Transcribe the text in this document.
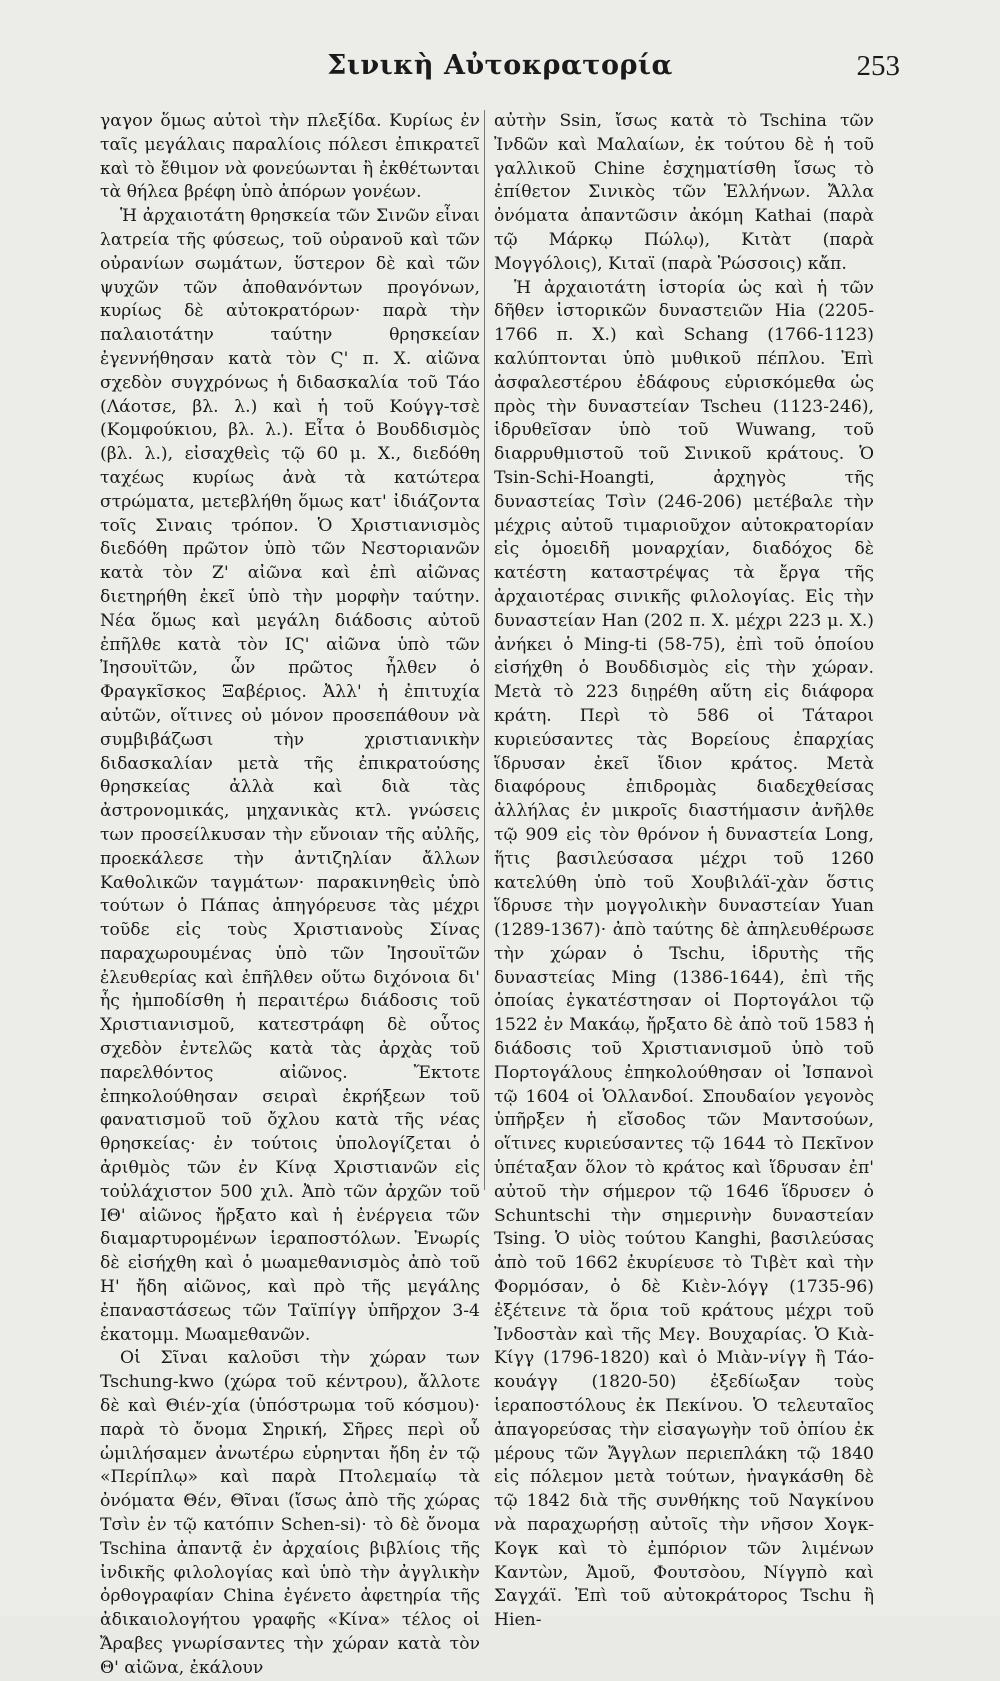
Σινικὴ Αὐτοκρατορία	253

γαγον ὅμως αὐτοὶ τὴν πλεξίδα. Κυρίως ἐν ταῖς μεγάλαις παραλίοις πόλεσι ἐπικρατεῖ καὶ τὸ ἔθιμον νὰ φονεύωνται ἢ ἐκθέτωνται τὰ θήλεα βρέφη ὑπὸ ἀπόρων γονέων.

Ἡ ἀρχαιοτάτη θρησκεία τῶν Σινῶν εἶναι λατρεία τῆς φύσεως, τοῦ οὐρανοῦ καὶ τῶν οὐρανίων σωμάτων, ὕστερον δὲ καὶ τῶν ψυχῶν τῶν ἀποθανόντων προγόνων, κυρίως δὲ αὐτοκρατόρων· παρὰ τὴν παλαιοτάτην ταύτην θρησκείαν ἐγεννήθησαν κατὰ τὸν Ϛ' π. Χ. αἰῶνα σχεδὸν συγχρόνως ἡ διδασκαλία τοῦ Τάο (Λάοτσε, βλ. λ.) καὶ ἡ τοῦ Κούγγ-τσὲ (Κομφούκιου, βλ. λ.). Εἶτα ὁ Βουδδισμὸς (βλ. λ.), εἰσαχθεὶς τῷ 60 μ. Χ., διεδόθη ταχέως κυρίως ἀνὰ τὰ κατώτερα στρώματα, μετεβλήθη ὅμως κατ' ἰδιάζοντα τοῖς Σιναις τρόπον. Ὁ Χριστιανισμὸς διεδόθη πρῶτον ὑπὸ τῶν Νεστοριανῶν κατὰ τὸν Ζ' αἰῶνα καὶ ἐπὶ αἰῶνας διετηρήθη ἐκεῖ ὑπὸ τὴν μορφὴν ταύτην. Νέα ὅμως καὶ μεγάλη διάδοσις αὐτοῦ ἐπῆλθε κατὰ τὸν ΙϚ' αἰῶνα ὑπὸ τῶν Ἰησουϊτῶν, ὧν πρῶτος ἦλθεν ὁ Φραγκῖσκος Ξαβέριος. Ἀλλ' ἡ ἐπιτυχία αὐτῶν, οἵτινες οὐ μόνον προσεπάθουν νὰ συμβιβάζωσι τὴν χριστιανικὴν διδασκαλίαν μετὰ τῆς ἐπικρατούσης θρησκείας ἀλλὰ καὶ διὰ τὰς ἀστρονομικάς, μηχανικὰς κτλ. γνώσεις των προσείλκυσαν τὴν εὔνοιαν τῆς αὐλῆς, προεκάλεσε τὴν ἀντιζηλίαν ἄλλων Καθολικῶν ταγμάτων· παρακινηθεὶς ὑπὸ τούτων ὁ Πάπας ἀπηγόρευσε τὰς μέχρι τοῦδε εἰς τοὺς Χριστιανοὺς Σίνας παραχωρουμένας ὑπὸ τῶν Ἰησουϊτῶν ἐλευθερίας καὶ ἐπῆλθεν οὕτω διχόνοια δι' ἧς ἠμποδίσθη ἡ περαιτέρω διάδοσις τοῦ Χριστιανισμοῦ, κατεστράφη δὲ οὗτος σχεδὸν ἐντελῶς κατὰ τὰς ἀρχὰς τοῦ παρελθόντος αἰῶνος. Ἔκτοτε ἐπηκολούθησαν σειραὶ ἐκρήξεων τοῦ φανατισμοῦ τοῦ ὄχλου κατὰ τῆς νέας θρησκείας· ἐν τούτοις ὑπολογίζεται ὁ ἀριθμὸς τῶν ἐν Κίνᾳ Χριστιανῶν εἰς τοὐλάχιστον 500 χιλ. Ἀπὸ τῶν ἀρχῶν τοῦ ΙΘ' αἰῶνος ἤρξατο καὶ ἡ ἐνέργεια τῶν διαμαρτυρομένων ἱεραποστόλων. Ἐνωρίς δὲ εἰσήχθη καὶ ὁ μωαμεθανισμὸς ἀπὸ τοῦ Η' ἤδη αἰῶνος, καὶ πρὸ τῆς μεγάλης ἐπαναστάσεως τῶν Ταϊπίγγ ὑπῆρχον 3-4 ἑκατομμ. Μωαμεθανῶν.

Οἱ Σῖναι καλοῦσι τὴν χώραν των Tschung-kwo (χώρα τοῦ κέντρου), ἄλλοτε δὲ καὶ Θιέν-χία (ὑπόστρωμα τοῦ κόσμου)· παρὰ τὸ ὄνομα Σηρική, Σῆρες περὶ οὗ ὡμιλήσαμεν ἀνωτέρω εὑρηνται ἤδη ἐν τῷ «Περίπλῳ» καὶ παρὰ Πτολεμαίῳ τὰ ὀνόματα Θέν, Θῖναι (ἴσως ἀπὸ τῆς χώρας Τσὶν ἐν τῷ κατόπιν Schen-si)· τὸ δὲ ὄνομα Tschina ἀπαντᾷ ἐν ἀρχαίοις βιβλίοις τῆς ἰνδικῆς φιλολογίας καὶ ὑπὸ τὴν ἀγγλικὴν ὀρθογραφίαν China ἐγένετο ἀφετηρία τῆς ἀδικαιολογήτου γραφῆς «Κίνα» τέλος οἱ Ἄραβες γνωρίσαντες τὴν χώραν κατὰ τὸν Θ' αἰῶνα, ἐκάλουν

αὐτὴν Ssin, ἴσως κατὰ τὸ Tschina τῶν Ἰνδῶν καὶ Μαλαίων, ἐκ τούτου δὲ ἡ τοῦ γαλλικοῦ Chine ἐσχηματίσθη ἴσως τὸ ἐπίθετον Σινικὸς τῶν Ἑλλήνων. Ἄλλα ὀνόματα ἀπαντῶσιν ἀκόμη Kathai (παρὰ τῷ Μάρκῳ Πώλῳ), Κιτὰτ (παρὰ Μογγόλοις), Κιταϊ (παρὰ Ῥώσσοις) κἄπ.

Ἡ ἀρχαιοτάτη ἱστορία ὡς καὶ ἡ τῶν δῆθεν ἱστορικῶν δυναστειῶν Hia (2205-1766 π. Χ.) καὶ Schang (1766-1123) καλύπτονται ὑπὸ μυθικοῦ πέπλου. Ἐπὶ ἀσφαλεστέρου ἐδάφους εὑρισκόμεθα ὡς πρὸς τὴν δυναστείαν Tscheu (1123-246), ἱδρυθεῖσαν ὑπὸ τοῦ Wuwang, τοῦ διαρρυθμιστοῦ τοῦ Σινικοῦ κράτους. Ὁ Tsin-Schi-Hoangti, ἀρχηγὸς τῆς δυναστείας Τσὶν (246-206) μετέβαλε τὴν μέχρις αὐτοῦ τιμαριοῦχον αὐτοκρατορίαν εἰς ὁμοειδῆ μοναρχίαν, διαδόχος δὲ κατέστη καταστρέψας τὰ ἔργα τῆς ἀρχαιοτέρας σινικῆς φιλολογίας. Εἰς τὴν δυναστείαν Han (202 π. Χ. μέχρι 223 μ. Χ.) ἀνήκει ὁ Ming-ti (58-75), ἐπὶ τοῦ ὁποίου εἰσήχθη ὁ Βουδδισμὸς εἰς τὴν χώραν. Μετὰ τὸ 223 διῃρέθη αὕτη εἰς διάφορα κράτη. Περὶ τὸ 586 οἱ Τάταροι κυριεύσαντες τὰς Βορείους ἐπαρχίας ἵδρυσαν ἐκεῖ ἴδιον κράτος. Μετὰ διαφόρους ἐπιδρομὰς διαδεχθείσας ἀλλήλας ἐν μικροῖς διαστήμασιν ἀνῆλθε τῷ 909 εἰς τὸν θρόνον ἡ δυναστεία Long, ἥτις βασιλεύσασα μέχρι τοῦ 1260 κατελύθη ὑπὸ τοῦ Χουβιλάϊ-χὰν ὅστις ἵδρυσε τὴν μογγολικὴν δυναστείαν Yuan (1289-1367)· ἀπὸ ταύτης δὲ ἀπηλευθέρωσε τὴν χώραν ὁ Tschu, ἱδρυτὴς τῆς δυναστείας Ming (1386-1644), ἐπὶ τῆς ὁποίας ἐγκατέστησαν οἱ Πορτογάλοι τῷ 1522 ἐν Μακάῳ, ἤρξατο δὲ ἀπὸ τοῦ 1583 ἡ διάδοσις τοῦ Χριστιανισμοῦ ὑπὸ τοῦ Πορτογάλους ἐπηκολούθησαν οἱ Ἰσπανοὶ τῷ 1604 οἱ Ὁλλανδοί. Σπουδαίον γεγονὸς ὑπῆρξεν ἡ εἴσοδος τῶν Μαντσούων, οἵτινες κυριεύσαντες τῷ 1644 τὸ Πεκῖνον ὑπέταξαν ὅλον τὸ κράτος καὶ ἵδρυσαν ἐπ' αὐτοῦ τὴν σήμερον τῷ 1646 ἵδρυσεν ὁ Schuntschi τὴν σημερινὴν δυναστείαν Tsing. Ὁ υἱὸς τούτου Kanghi, βασιλεύσας ἀπὸ τοῦ 1662 ἐκυρίευσε τὸ Τιβὲτ καὶ τὴν Φορμόσαν, ὁ δὲ Κιὲν-λόγγ (1735-96) ἐξέτεινε τὰ ὅρια τοῦ κράτους μέχρι τοῦ Ἰνδοστὰν καὶ τῆς Μεγ. Βουχαρίας. Ὁ Κιὰ-Κίγγ (1796-1820) καὶ ὁ Μιὰν-νίγγ ἢ Τάο-κουάγγ (1820-50) ἐξεδίωξαν τοὺς ἱεραποστόλους ἐκ Πεκίνου. Ὁ τελευταῖος ἀπαγορεύσας τὴν εἰσαγωγὴν τοῦ ὀπίου ἐκ μέρους τῶν Ἄγγλων περιεπλάκη τῷ 1840 εἰς πόλεμον μετὰ τούτων, ἠναγκάσθη δὲ τῷ 1842 διὰ τῆς συνθήκης τοῦ Ναγκίνου νὰ παραχωρήσῃ αὐτοῖς τὴν νῆσον Χογκ-Κογκ καὶ τὸ ἐμπόριον τῶν λιμένων Καντὼν, Ἀμοῦ, Φουτσὸου, Νίγγπὸ καὶ Σαγχάϊ. Ἐπὶ τοῦ αὐτοκράτορος Tschu ἢ Hien-
